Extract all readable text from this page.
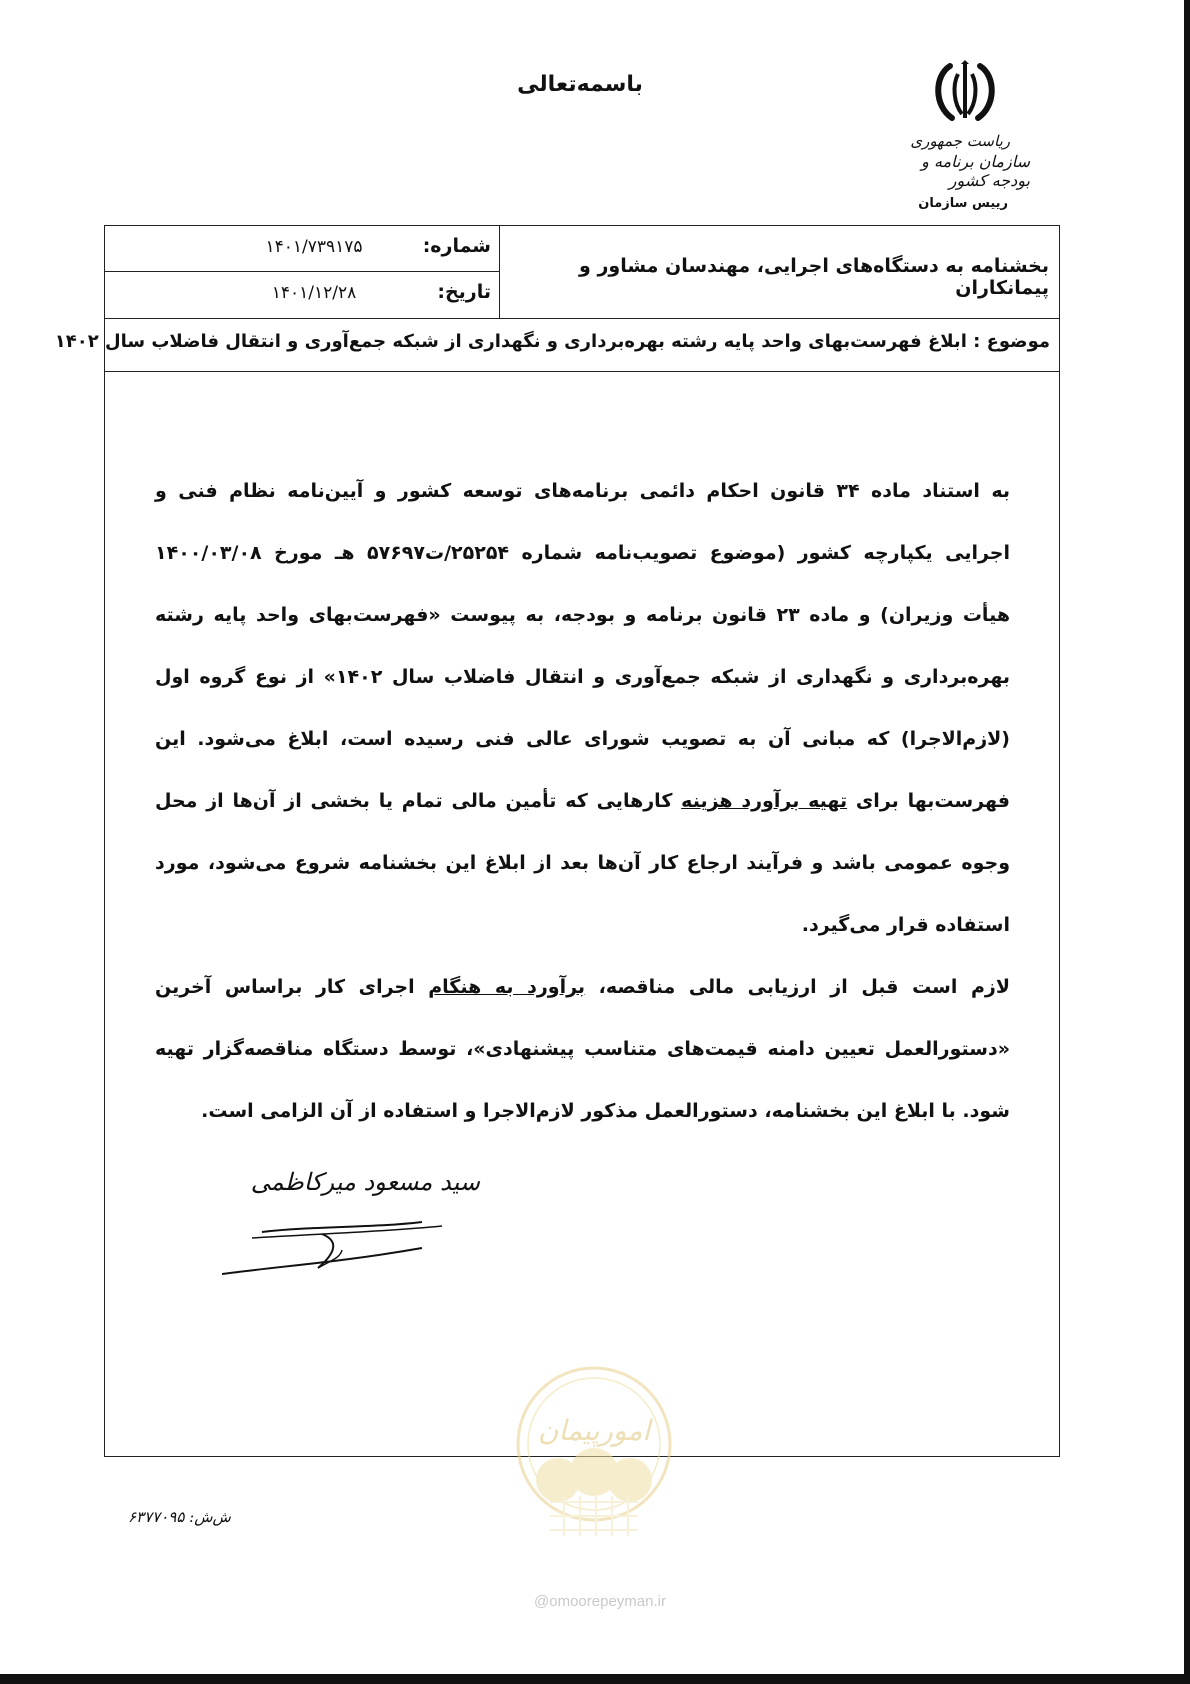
باسمه‌تعالی
ریاست جمهوری
سازمان برنامه و بودجه کشور
رییس سازمان
بخشنامه به دستگاه‌های اجرایی، مهندسان مشاور و پیمانکاران
شماره:
۱۴۰۱/۷۳۹۱۷۵
تاریخ:
۱۴۰۱/۱۲/۲۸
موضوع : ابلاغ فهرست‌بهای واحد پایه رشته بهره‌برداری و نگهداری از شبکه جمع‌آوری و انتقال فاضلاب سال ۱۴۰۲

به استناد ماده ۳۴ قانون احکام دائمی برنامه‌های توسعه کشور و آیین‌نامه نظام فنی و اجرایی یکپارچه کشور (موضوع تصویب‌نامه شماره ۲۵۲۵۴/ت۵۷۶۹۷ هـ مورخ ۱۴۰۰/۰۳/۰۸ هیأت وزیران) و ماده ۲۳ قانون برنامه و بودجه، به پیوست «فهرست‌بهای واحد پایه رشته بهره‌برداری و نگهداری از شبکه جمع‌آوری و انتقال فاضلاب سال ۱۴۰۲» از نوع گروه اول (لازم‌الاجرا) که مبانی آن به تصویب شورای عالی فنی رسیده است، ابلاغ می‌شود. این فهرست‌بها برای تهیه برآورد هزینه کارهایی که تأمین مالی تمام یا بخشی از آن‌ها از محل وجوه عمومی باشد و فرآیند ارجاع کار آن‌ها بعد از ابلاغ این بخشنامه شروع می‌شود، مورد استفاده قرار می‌گیرد.

لازم است قبل از ارزیابی مالی مناقصه، برآورد به هنگام اجرای کار براساس آخرین «دستورالعمل تعیین دامنه قیمت‌های متناسب پیشنهادی»، توسط دستگاه مناقصه‌گزار تهیه شود. با ابلاغ این بخشنامه، دستورالعمل مذکور لازم‌الاجرا و استفاده از آن الزامی است.

سید مسعود میرکاظمی
ش‌ش: ۶۳۷۷۰۹۵
امورپیمان
@omoorepeyman.ir
